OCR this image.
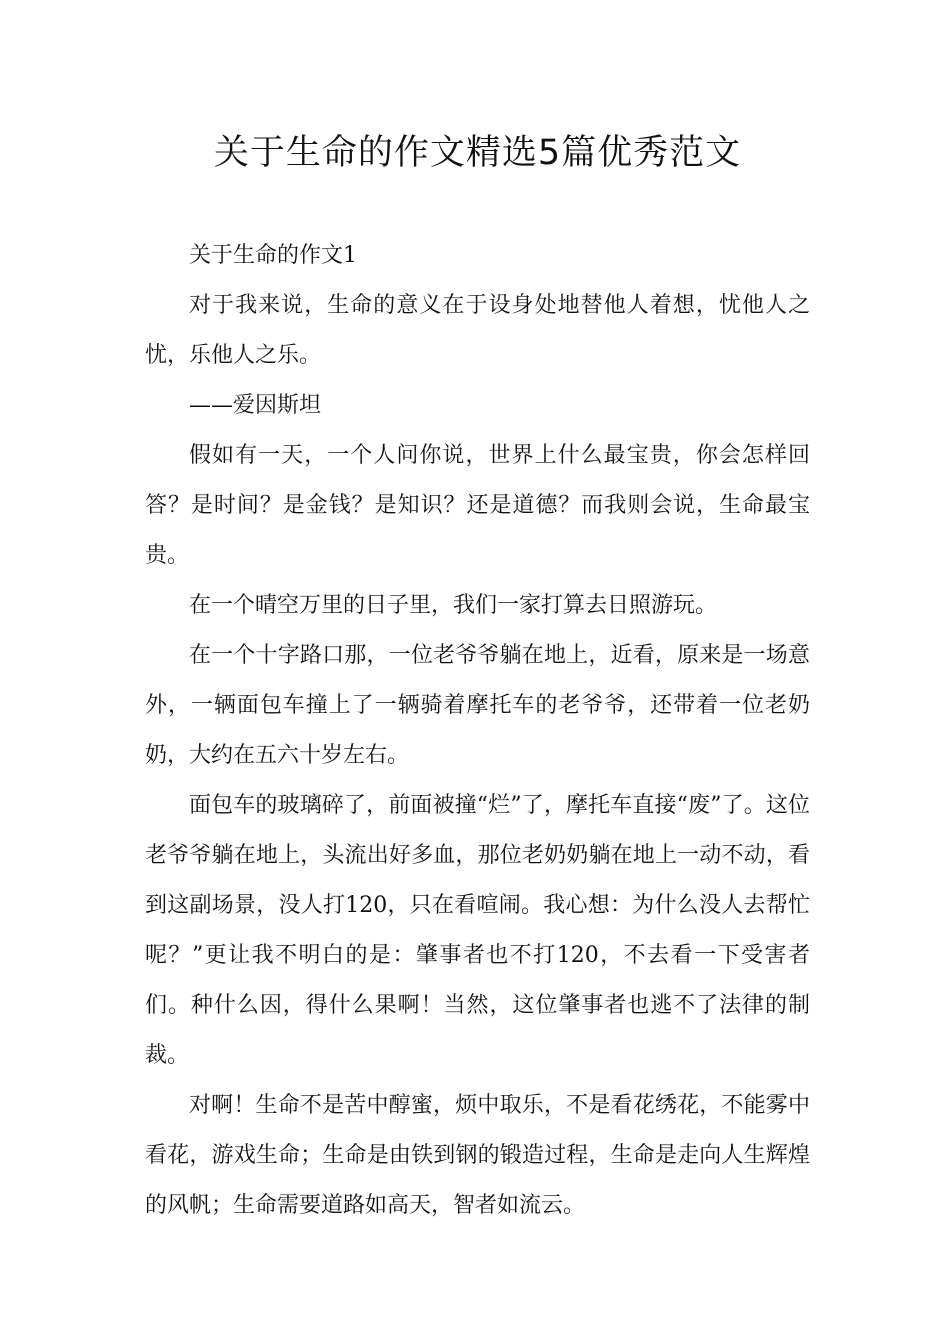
关于生命的作文精选5篇优秀范文

关于生命的作文1

对于我来说，生命的意义在于设身处地替他人着想，忧他人之忧，乐他人之乐。

——爱因斯坦

假如有一天，一个人问你说，世界上什么最宝贵，你会怎样回答？是时间？是金钱？是知识？还是道德？而我则会说，生命最宝贵。

在一个晴空万里的日子里，我们一家打算去日照游玩。

在一个十字路口那，一位老爷爷躺在地上，近看，原来是一场意外，一辆面包车撞上了一辆骑着摩托车的老爷爷，还带着一位老奶奶，大约在五六十岁左右。

面包车的玻璃碎了，前面被撞“烂”了，摩托车直接“废”了。这位老爷爷躺在地上，头流出好多血，那位老奶奶躺在地上一动不动，看到这副场景，没人打120，只在看喧闹。我心想：为什么没人去帮忙呢？”更让我不明白的是：肇事者也不打120，不去看一下受害者们。种什么因，得什么果啊！当然，这位肇事者也逃不了法律的制裁。

对啊！生命不是苦中醇蜜，烦中取乐，不是看花绣花，不能雾中看花，游戏生命；生命是由铁到钢的锻造过程，生命是走向人生辉煌的风帆；生命需要道路如高天，智者如流云。
